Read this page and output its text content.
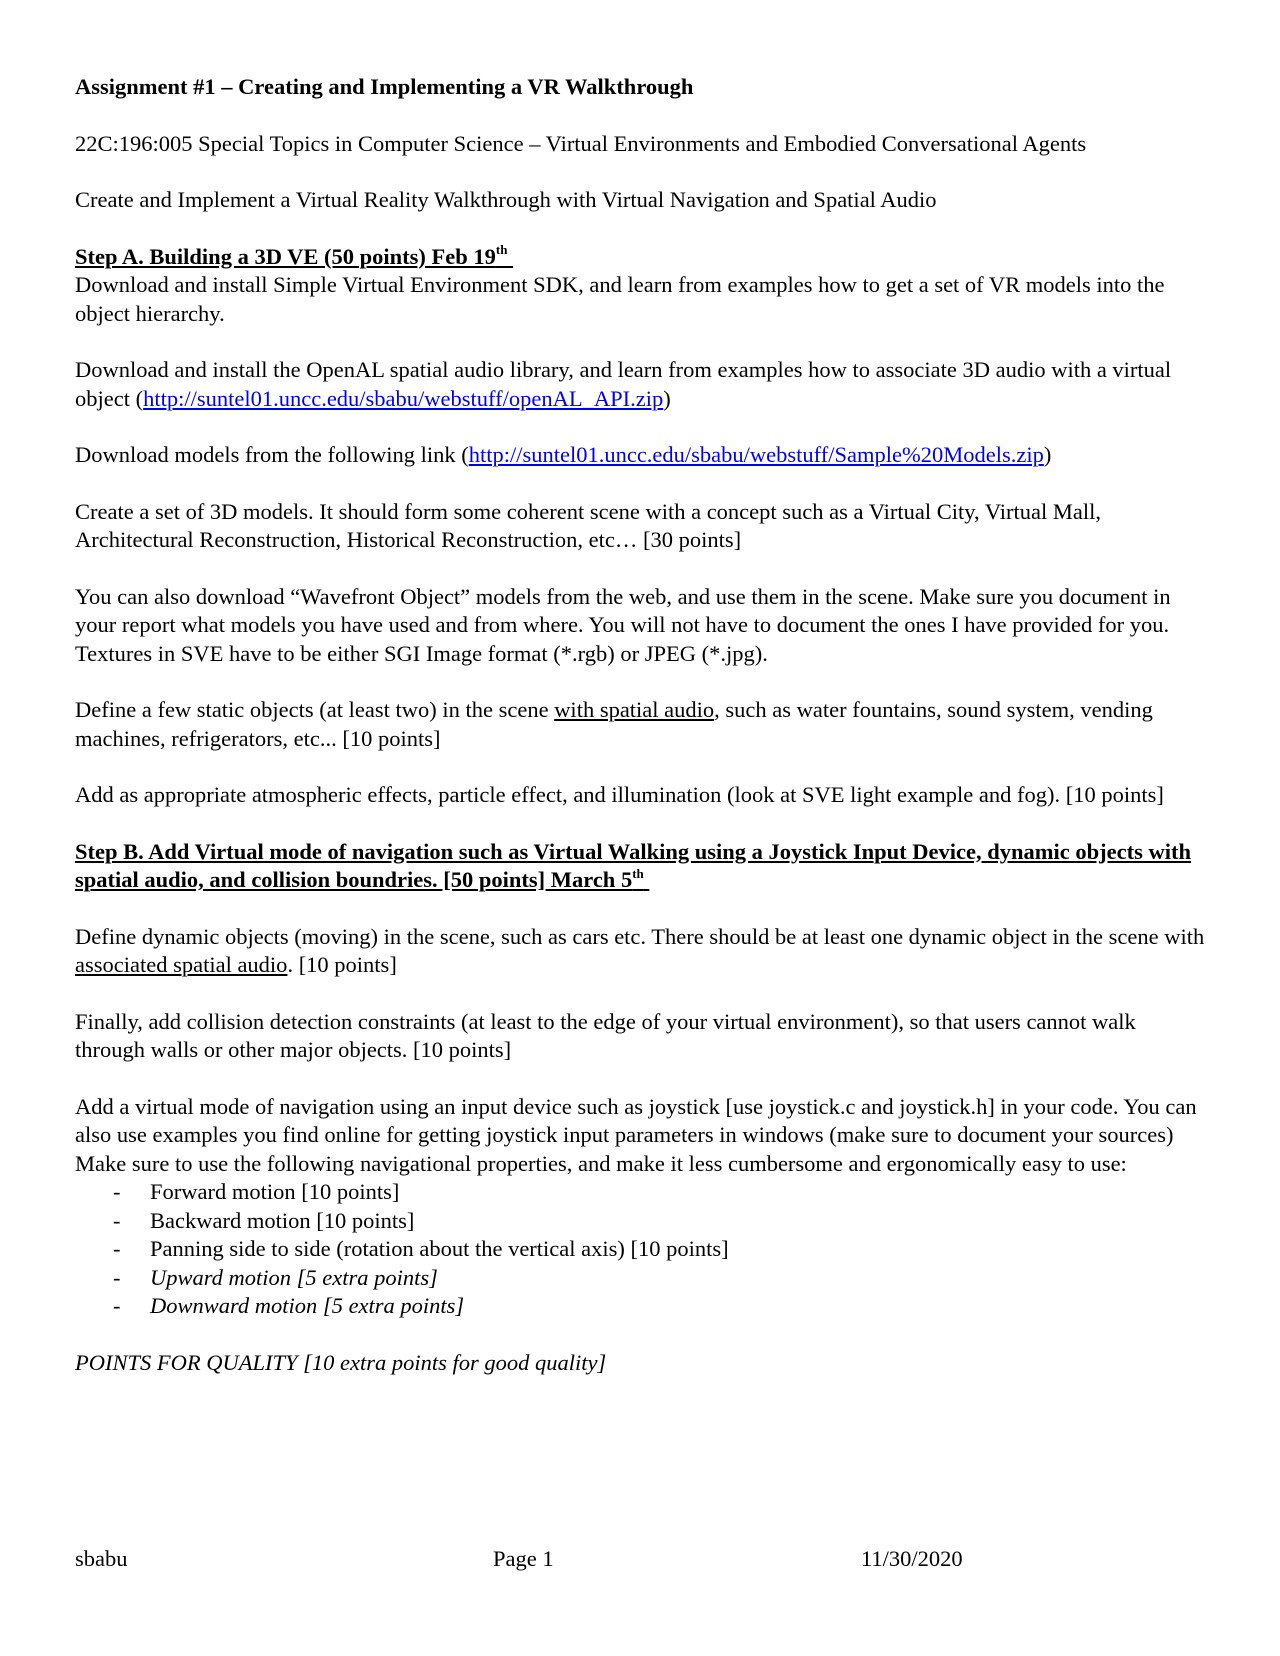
Assignment #1 – Creating and Implementing a VR Walkthrough

22C:196:005 Special Topics in Computer Science – Virtual Environments and Embodied Conversational Agents

Create and Implement a Virtual Reality Walkthrough with Virtual Navigation and Spatial Audio

Step A. Building a 3D VE (50 points) Feb 19th

Download and install Simple Virtual Environment SDK, and learn from examples how to get a set of VR models into the object hierarchy.

Download and install the OpenAL spatial audio library, and learn from examples how to associate 3D audio with a virtual object (http://suntel01.uncc.edu/sbabu/webstuff/openAL_API.zip)

Download models from the following link (http://suntel01.uncc.edu/sbabu/webstuff/Sample%20Models.zip)

Create a set of 3D models. It should form some coherent scene with a concept such as a Virtual City, Virtual Mall, Architectural Reconstruction, Historical Reconstruction, etc… [30 points]

You can also download “Wavefront Object” models from the web, and use them in the scene. Make sure you document in your report what models you have used and from where. You will not have to document the ones I have provided for you. Textures in SVE have to be either SGI Image format (*.rgb) or JPEG (*.jpg).

Define a few static objects (at least two) in the scene with spatial audio, such as water fountains, sound system, vending machines, refrigerators, etc... [10 points]

Add as appropriate atmospheric effects, particle effect, and illumination (look at SVE light example and fog). [10 points]

Step B. Add Virtual mode of navigation such as Virtual Walking using a Joystick Input Device, dynamic objects with spatial audio, and collision boundries. [50 points] March 5th

Define dynamic objects (moving) in the scene, such as cars etc. There should be at least one dynamic object in the scene with associated spatial audio. [10 points]

Finally, add collision detection constraints (at least to the edge of your virtual environment), so that users cannot walk through walls or other major objects. [10 points]

Add a virtual mode of navigation using an input device such as joystick [use joystick.c and joystick.h] in your code. You can also use examples you find online for getting joystick input parameters in windows (make sure to document your sources)

Make sure to use the following navigational properties, and make it less cumbersome and ergonomically easy to use:

- Forward motion [10 points]
- Backward motion [10 points]
- Panning side to side (rotation about the vertical axis) [10 points]
- Upward motion [5 extra points]
- Downward motion [5 extra points]

POINTS FOR QUALITY [10 extra points for good quality]

sbabu	Page 1	11/30/2020
